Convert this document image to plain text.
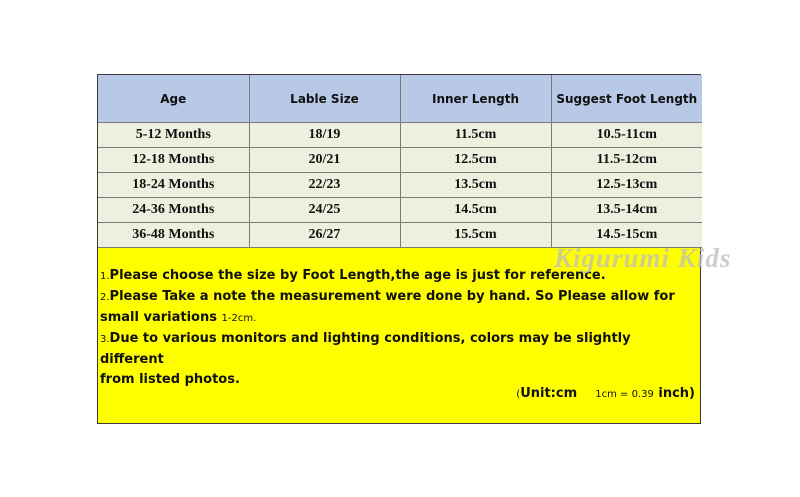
Age	Lable Size	Inner Length	Suggest Foot Length
5-12 Months	18/19	11.5cm	10.5-11cm
12-18 Months	20/21	12.5cm	11.5-12cm
18-24 Months	22/23	13.5cm	12.5-13cm
24-36 Months	24/25	14.5cm	13.5-14cm
36-48 Months	26/27	15.5cm	14.5-15cm

1.Please choose the size by Foot Length,the age is just for reference.

2.Please Take a note the measurement were done by hand. So Please allow for

small variations 1-2cm.

3.Due to various monitors and lighting conditions, colors may be slightly different

from listed photos.

(Unit:cm 1cm = 0.39 inch)
Kigurumi Kids
